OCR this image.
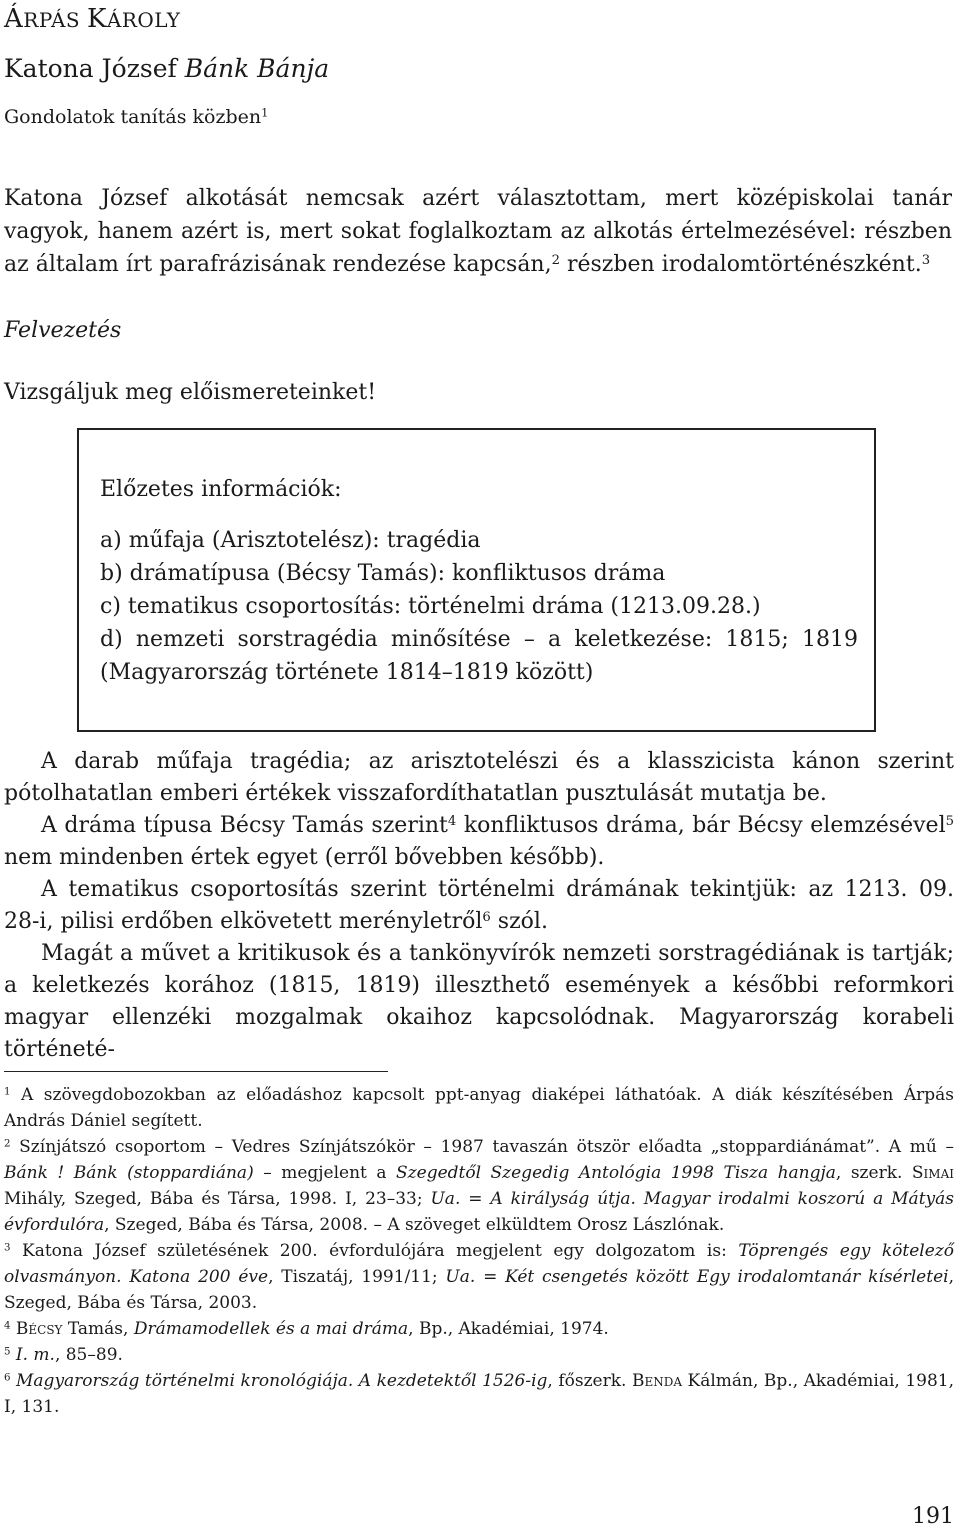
ÁRPÁS KÁROLY
Katona József Bánk Bánja
Gondolatok tanítás közben$^1$

Katona József alkotását nemcsak azért választottam, mert középiskolai tanár vagyok, hanem azért is, mert sokat foglalkoztam az alkotás értelmezésével: részben az általam írt parafrázisának rendezése kapcsán,$^2$ részben irodalomtörténészként.$^3$

Felvezetés
Vizsgáljuk meg előismereteinket!
Előzetes információk:
a) műfaja (Arisztotelész): tragédia
b) drámatípusa (Bécsy Tamás): konfliktusos dráma
c) tematikus csoportosítás: történelmi dráma (1213.09.28.)
d) nemzeti sorstragédia minősítése – a keletkezése: 1815; 1819 (Magyarország története 1814–1819 között)

A darab műfaja tragédia; az arisztotelészi és a klasszicista kánon szerint pótolhatatlan emberi értékek visszafordíthatatlan pusztulását mutatja be.

A dráma típusa Bécsy Tamás szerint$^4$ konfliktusos dráma, bár Bécsy elemzésével$^5$ nem mindenben értek egyet (erről bővebben később).

A tematikus csoportosítás szerint történelmi drámának tekintjük: az 1213. 09. 28-i, pilisi erdőben elkövetett merényletről$^6$ szól.

Magát a művet a kritikusok és a tankönyvírók nemzeti sorstragédiának is tartják; a keletkezés korához (1815, 1819) illeszthető események a későbbi reformkori magyar ellenzéki mozgalmak okaihoz kapcsolódnak. Magyarország korabeli történeté-

$^1$ A szövegdobozokban az előadáshoz kapcsolt ppt-anyag diaképei láthatóak. A diák készítésében Árpás András Dániel segített.

$^2$ Színjátszó csoportom – Vedres Színjátszókör – 1987 tavaszán ötször előadta „stoppardiánámat”. A mű – Bánk ! Bánk (stoppardiána) – megjelent a Szegedtől Szegedig Antológia 1998 Tisza hangja, szerk. Simai Mihály, Szeged, Bába és Társa, 1998. I, 23–33; Ua. = A királyság útja. Magyar irodalmi koszorú a Mátyás évfordulóra, Szeged, Bába és Társa, 2008. – A szöveget elküldtem Orosz Lászlónak.

$^3$ Katona József születésének 200. évfordulójára megjelent egy dolgozatom is: Töprengés egy kötelező olvasmányon. Katona 200 éve, Tiszatáj, 1991/11; Ua. = Két csengetés között Egy irodalomtanár kísérletei, Szeged, Bába és Társa, 2003.

$^4$ Bécsy Tamás, Drámamodellek és a mai dráma, Bp., Akadémiai, 1974.

$^5$ I. m., 85–89.

$^6$ Magyarország történelmi kronológiája. A kezdetektől 1526-ig, főszerk. Benda Kálmán, Bp., Akadémiai, 1981, I, 131.

191
